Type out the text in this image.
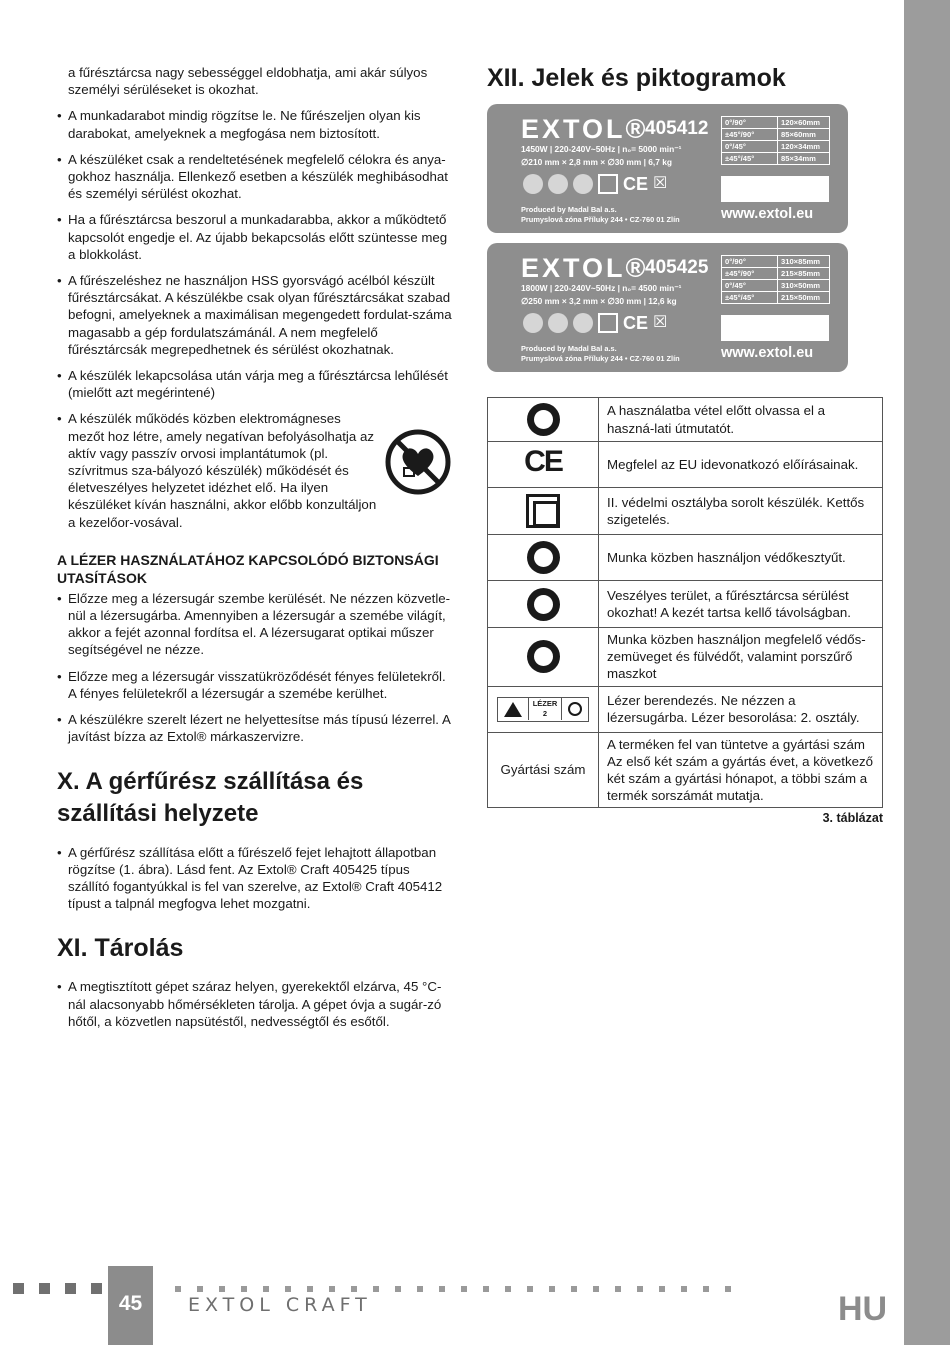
a fűrésztárcsa nagy sebességgel eldobhatja, ami akár súlyos személyi sérüléseket is okozhat.
• A munkadarabot mindig rögzítse le. Ne fűrészeljen olyan kis darabokat, amelyeknek a megfogása nem biztosított.
• A készüléket csak a rendeltetésének megfelelő célokra és anya-gokhoz használja. Ellenkező esetben a készülék meghibásodhat és személyi sérülést okozhat.
• Ha a fűrésztárcsa beszorul a munkadarabba, akkor a működtető kapcsolót engedje el. Az újabb bekapcsolás előtt szüntesse meg a blokkolást.
• A fűrészeléshez ne használjon HSS gyorsvágó acélból készült fűrésztárcsákat. A készülékbe csak olyan fűrésztárcsákat szabad befogni, amelyeknek a maximálisan megengedett fordulat-száma magasabb a gép fordulatszámánál. A nem megfelelő fűrésztárcsák megrepedhetnek és sérülést okozhatnak.
• A készülék lekapcsolása után várja meg a fűrésztárcsa lehűlését (mielőtt azt megérintené)
• A készülék működés közben elektromágneses mezőt hoz létre, amely negatívan befolyásolhatja az aktív vagy passzív orvosi implantátumok (pl. szívritmus sza-bályozó készülék) működését és életveszélyes helyzetet idézhet elő. Ha ilyen készüléket kíván használni, akkor előbb konzultáljon a kezelőor-vosával.
A LÉZER HASZNÁLATÁHOZ KAPCSOLÓDÓ BIZTONSÁGI UTASÍTÁSOK
• Előzze meg a lézersugár szembe kerülését. Ne nézzen közvetle-nül a lézersugárba. Amennyiben a lézersugár a szemébe világít, akkor a fejét azonnal fordítsa el. A lézersugarat optikai műszer segítségével ne nézze.
• Előzze meg a lézersugár visszatükröződését fényes felületekről. A fényes felületekről a lézersugár a szemébe kerülhet.
• A készülékre szerelt lézert ne helyettesítse más típusú lézerrel. A javítást bízza az Extol® márkaszervizre.
X. A gérfűrész szállítása és szállítási helyzete
• A gérfűrész szállítása előtt a fűrészelő fejet lehajtott állapotban rögzítse (1. ábra). Lásd fent. Az Extol® Craft 405425 típus szállító fogantyúkkal is fel van szerelve, az Extol® Craft 405412 típust a talpnál megfogva lehet mozgatni.
XI. Tárolás
• A megtisztított gépet száraz helyen, gyerekektől elzárva, 45 °C-nál alacsonyabb hőmérsékleten tárolja. A gépet óvja a sugár-zó hőtől, a közvetlen napsütéstől, nedvességtől és esőtől.
XII. Jelek és piktogramok
EXTOL®
405412
1450W | 220-240V~50Hz | n₀= 5000 min⁻¹
∅210 mm × 2,8 mm × ∅30 mm | 6,7 kg
CE ☒
Produced by Madal Bal a.s.
Prumyslová zóna Příluky 244 • CZ-760 01 Zlín
0°/90°	120×60mm
±45°/90°	85×60mm
0°/45°	120×34mm
±45°/45°	85×34mm
www.extol.eu
EXTOL®
405425
1800W | 220-240V~50Hz | n₀= 4500 min⁻¹
∅250 mm × 3,2 mm × ∅30 mm | 12,6 kg
CE ☒
Produced by Madal Bal a.s.
Prumyslová zóna Příluky 244 • CZ-760 01 Zlín
0°/90°	310×85mm
±45°/90°	215×85mm
0°/45°	310×50mm
±45°/45°	215×50mm
www.extol.eu
	A használatba vétel előtt olvassa el a haszná-lati útmutatót.
CE	Megfelel az EU idevonatkozó előírásainak.
	II. védelmi osztályba sorolt készülék. Kettős szigetelés.

	Munka közben használjon védőkesztyűt.

	Veszélyes terület, a fűrésztárcsa sérülést okozhat! A kezét tartsa kellő távolságban.

	Munka közben használjon megfelelő védős-zemüveget és fülvédőt, valamint porszűrő maszkot

LÉZER
2	Lézer berendezés. Ne nézzen a lézersugárba. Lézer besorolása: 2. osztály.
Gyártási szám	A terméken fel van tüntetve a gyártási szám Az első két szám a gyártás évet, a következő két szám a gyártási hónapot, a többi szám a termék sorszámát mutatja.
3. táblázat
45	EXTOL CRAFT	HU
